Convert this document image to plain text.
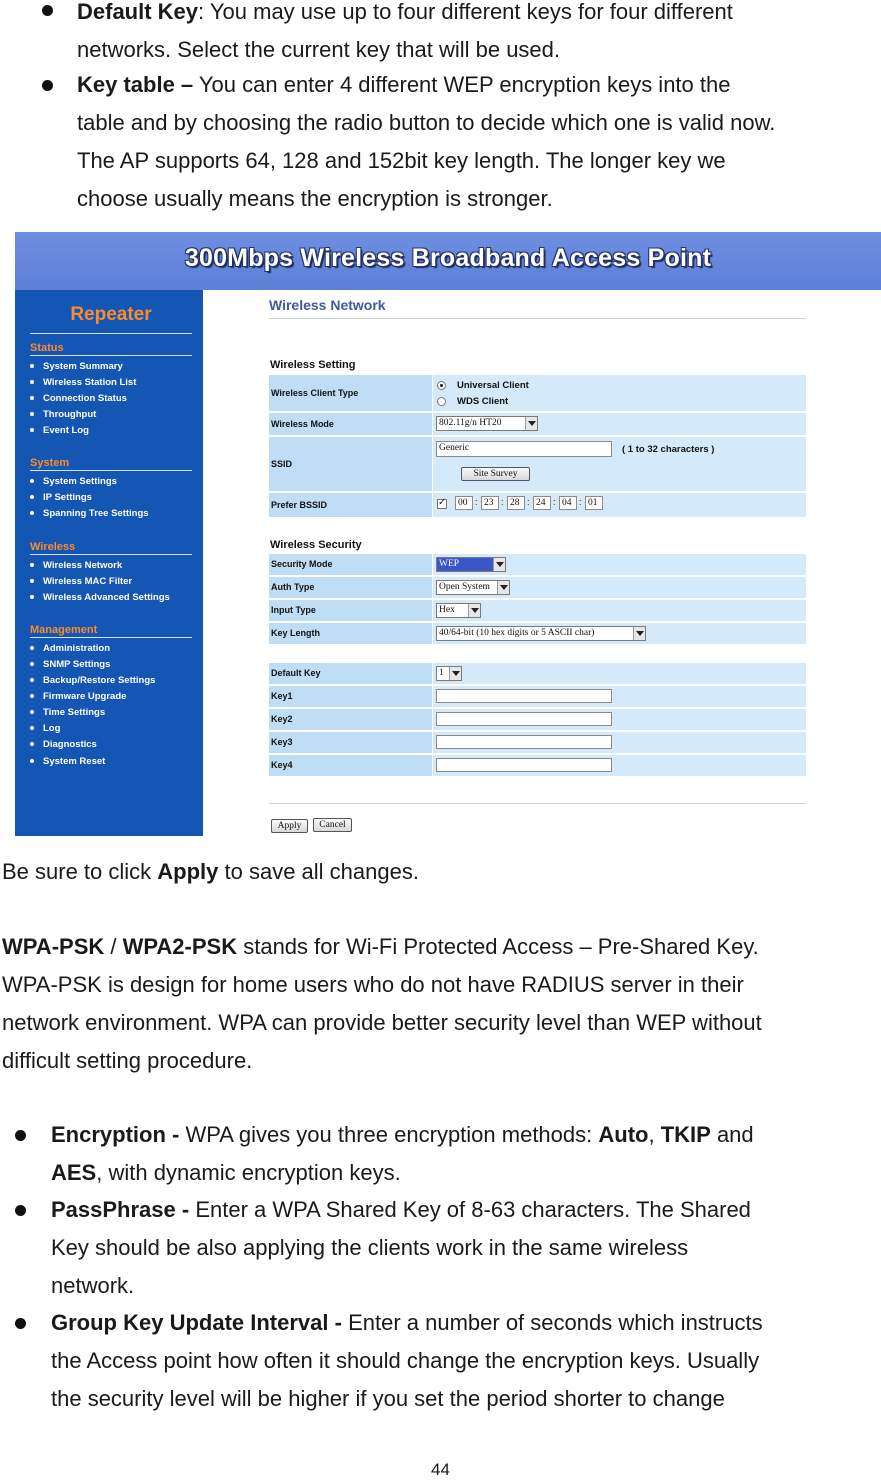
Default Key: You may use up to four different keys for four different
networks. Select the current key that will be used.
Key table – You can enter 4 different WEP encryption keys into the
table and by choosing the radio button to decide which one is valid now.
The AP supports 64, 128 and 152bit key length. The longer key we
choose usually means the encryption is stronger.
300Mbps Wireless Broadband Access Point
Repeater
Status
System Summary
Wireless Station List
Connection Status
Throughput
Event Log
System
System Settings
IP Settings
Spanning Tree Settings
Wireless
Wireless Network
Wireless MAC Filter
Wireless Advanced Settings
Management
Administration
SNMP Settings
Backup/Restore Settings
Firmware Upgrade
Time Settings
Log
Diagnostics
System Reset
Wireless Network
Wireless Setting
Wireless Client Type
Universal Client
WDS Client
Wireless Mode	802.11g/n HT20
SSID
Generic	( 1 to 32 characters )
Site Survey
Prefer BSSID
✓	00 : 23 : 28 : 24 : 04 : 01
Wireless Security
Security Mode	WEP
Auth Type	Open System
Input Type	Hex
Key Length	40/64-bit (10 hex digits or 5 ASCII char)
Default Key	1
Key1
Key2
Key3
Key4
Apply	Cancel
Be sure to click Apply to save all changes.
WPA-PSK / WPA2-PSK stands for Wi-Fi Protected Access – Pre-Shared Key.
WPA-PSK is design for home users who do not have RADIUS server in their
network environment. WPA can provide better security level than WEP without
difficult setting procedure.
Encryption - WPA gives you three encryption methods: Auto, TKIP and
AES, with dynamic encryption keys.
PassPhrase - Enter a WPA Shared Key of 8-63 characters. The Shared
Key should be also applying the clients work in the same wireless
network.
Group Key Update Interval - Enter a number of seconds which instructs
the Access point how often it should change the encryption keys. Usually
the security level will be higher if you set the period shorter to change
44
